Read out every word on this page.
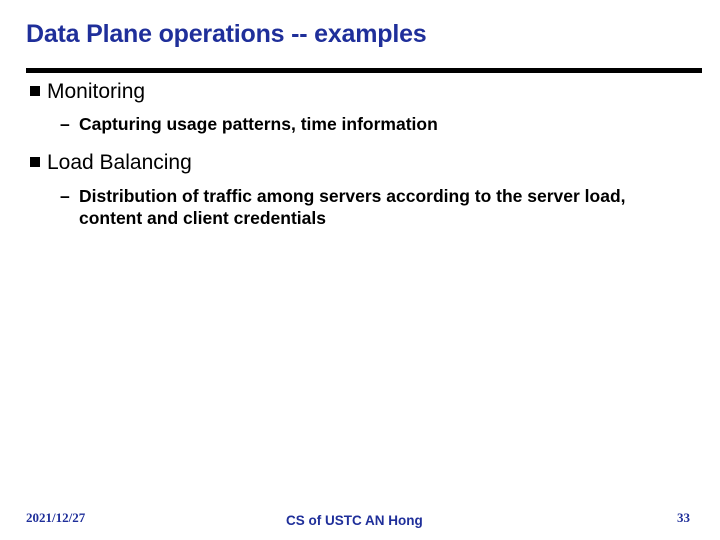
Data Plane operations -- examples
Monitoring
– Capturing usage patterns, time information
Load Balancing
– Distribution of traffic among servers according to the server load, content and client credentials
2021/12/27	CS of USTC AN Hong	33
